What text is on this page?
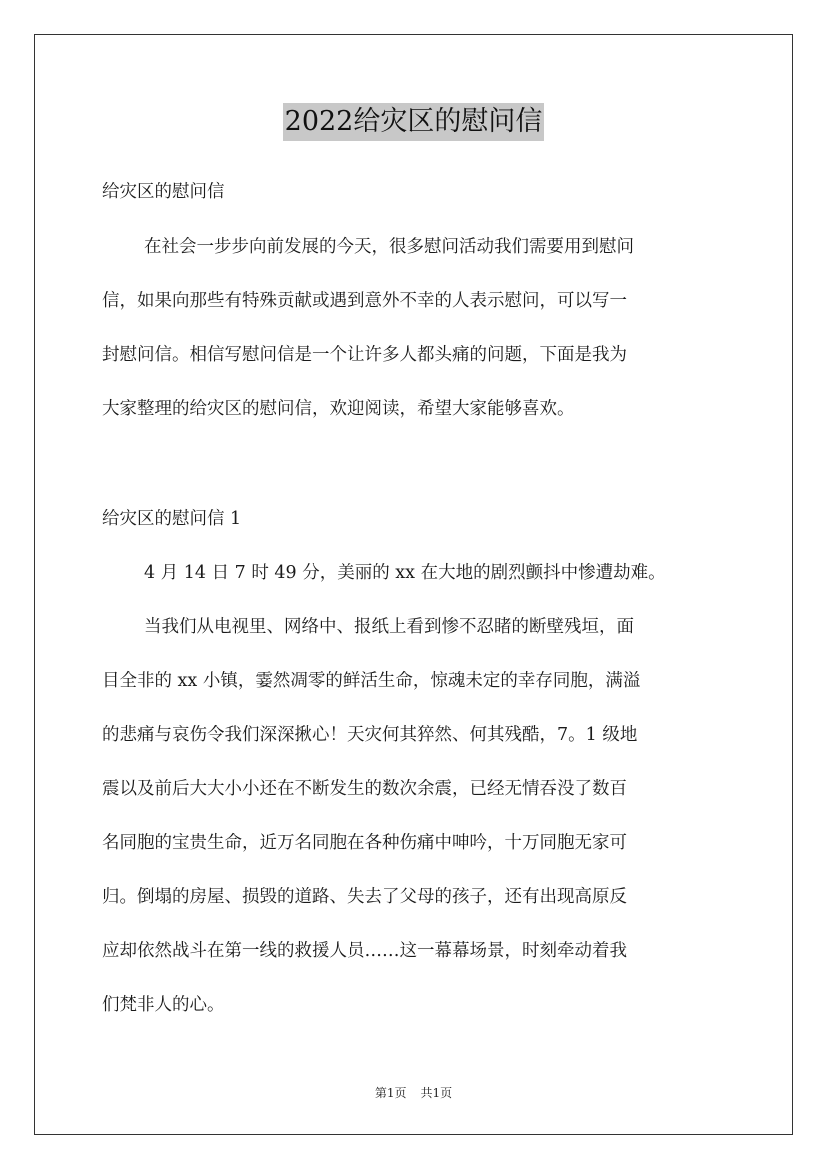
2022给灾区的慰问信
给灾区的慰问信
在社会一步步向前发展的今天，很多慰问活动我们需要用到慰问
信，如果向那些有特殊贡献或遇到意外不幸的人表示慰问，可以写一
封慰问信。相信写慰问信是一个让许多人都头痛的问题，下面是我为
大家整理的给灾区的慰问信，欢迎阅读，希望大家能够喜欢。
给灾区的慰问信 1
4 月 14 日 7 时 49 分，美丽的 xx 在大地的剧烈颤抖中惨遭劫难。
当我们从电视里、网络中、报纸上看到惨不忍睹的断壁残垣，面
目全非的 xx 小镇，霎然凋零的鲜活生命，惊魂未定的幸存同胞，满溢
的悲痛与哀伤令我们深深揪心！天灾何其猝然、何其残酷，7。1 级地
震以及前后大大小小还在不断发生的数次余震，已经无情吞没了数百
名同胞的宝贵生命，近万名同胞在各种伤痛中呻吟，十万同胞无家可
归。倒塌的房屋、损毁的道路、失去了父母的孩子，还有出现高原反
应却依然战斗在第一线的救援人员……这一幕幕场景，时刻牵动着我
们梵非人的心。
第1页 共1页
